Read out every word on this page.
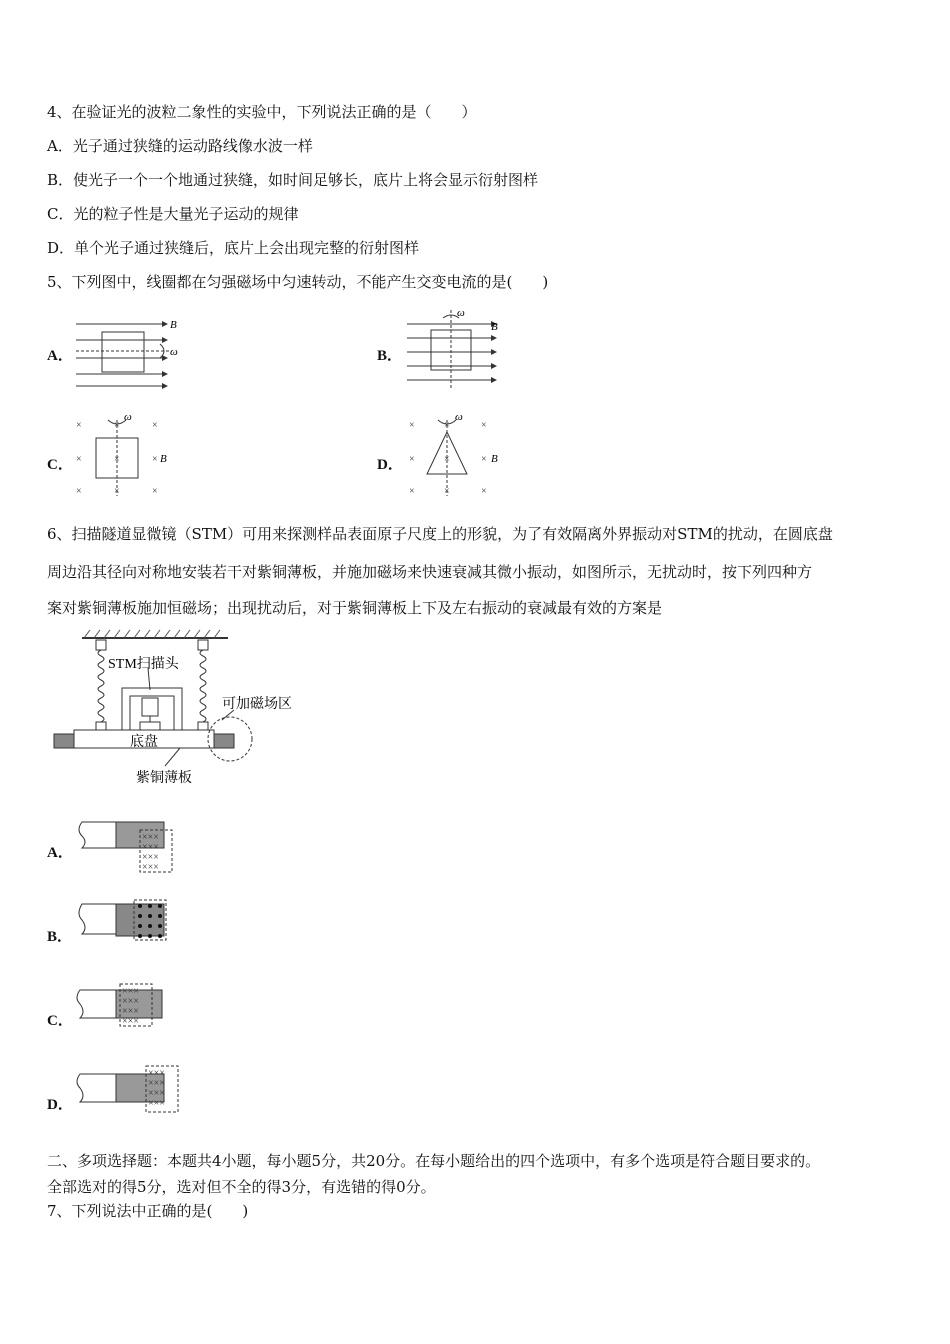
4、在验证光的波粒二象性的实验中，下列说法正确的是（　　）
A．光子通过狭缝的运动路线像水波一样
B．使光子一个一个地通过狭缝，如时间足够长，底片上将会显示衍射图样
C．光的粒子性是大量光子运动的规律
D．单个光子通过狭缝后，底片上会出现完整的衍射图样
5、下列图中，线圈都在匀强磁场中匀速转动，不能产生交变电流的是(　　)
A．
B
ω	B．
ω
B
C．
×	×	×
×	×	×
×	×	×
ω
B	D．
×	×	×
×	×	×
×	×	×
ω
B
6、扫描隧道显微镜（STM）可用来探测样品表面原子尺度上的形貌，为了有效隔离外界振动对STM的扰动，在圆底盘
周边沿其径向对称地安装若干对紫铜薄板，并施加磁场来快速衰减其微小振动，如图所示，无扰动时，按下列四种方
案对紫铜薄板施加恒磁场；出现扰动后，对于紫铜薄板上下及左右振动的衰减最有效的方案是
STM扫描头
可加磁场区
底盘
紫铜薄板
A．
×××
×××
×××
×××
B．
C．
×××
×××
×××
×××
D．
×××
×××
×××
×××
二、多项选择题：本题共4小题，每小题5分，共20分。在每小题给出的四个选项中，有多个选项是符合题目要求的。
全部选对的得5分，选对但不全的得3分，有选错的得0分。
7、下列说法中正确的是(　　)
